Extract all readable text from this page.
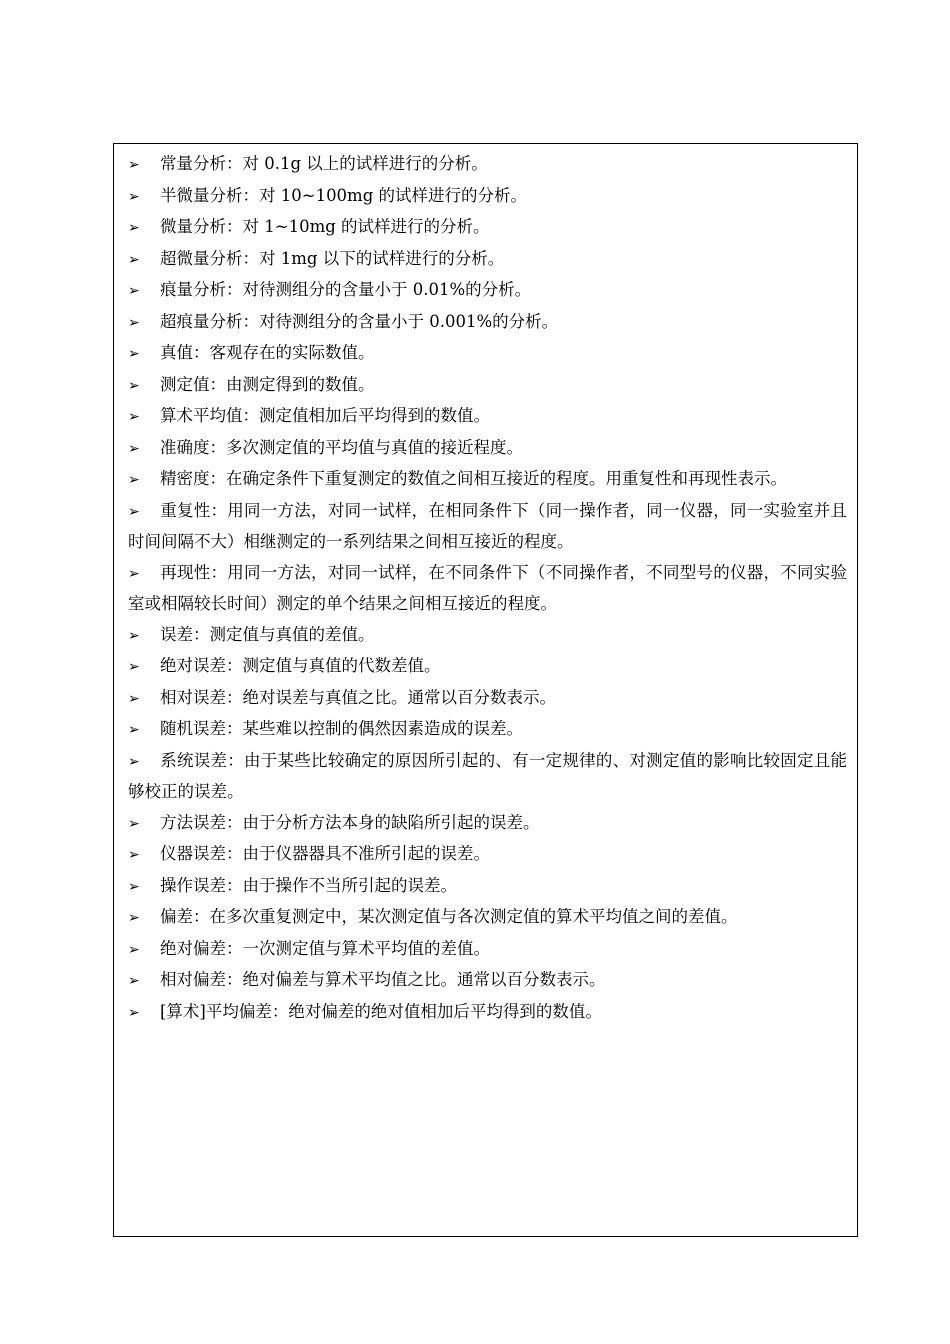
➢ 常量分析：对 0.1g 以上的试样进行的分析。
➢ 半微量分析：对 10~100mg 的试样进行的分析。
➢ 微量分析：对 1~10mg 的试样进行的分析。
➢ 超微量分析：对 1mg 以下的试样进行的分析。
➢ 痕量分析：对待测组分的含量小于 0.01%的分析。
➢ 超痕量分析：对待测组分的含量小于 0.001%的分析。
➢ 真值：客观存在的实际数值。
➢ 测定值：由测定得到的数值。
➢ 算术平均值：测定值相加后平均得到的数值。
➢ 准确度：多次测定值的平均值与真值的接近程度。
➢ 精密度：在确定条件下重复测定的数值之间相互接近的程度。用重复性和再现性表示。
➢ 重复性：用同一方法，对同一试样，在相同条件下（同一操作者，同一仪器，同一实验室并且时间间隔不大）相继测定的一系列结果之间相互接近的程度。
➢ 再现性：用同一方法，对同一试样，在不同条件下（不同操作者，不同型号的仪器，不同实验室或相隔较长时间）测定的单个结果之间相互接近的程度。
➢ 误差：测定值与真值的差值。
➢ 绝对误差：测定值与真值的代数差值。
➢ 相对误差：绝对误差与真值之比。通常以百分数表示。
➢ 随机误差：某些难以控制的偶然因素造成的误差。
➢ 系统误差：由于某些比较确定的原因所引起的、有一定规律的、对测定值的影响比较固定且能够校正的误差。
➢ 方法误差：由于分析方法本身的缺陷所引起的误差。
➢ 仪器误差：由于仪器器具不准所引起的误差。
➢ 操作误差：由于操作不当所引起的误差。
➢ 偏差：在多次重复测定中，某次测定值与各次测定值的算术平均值之间的差值。
➢ 绝对偏差：一次测定值与算术平均值的差值。
➢ 相对偏差：绝对偏差与算术平均值之比。通常以百分数表示。
➢ [算术]平均偏差：绝对偏差的绝对值相加后平均得到的数值。
